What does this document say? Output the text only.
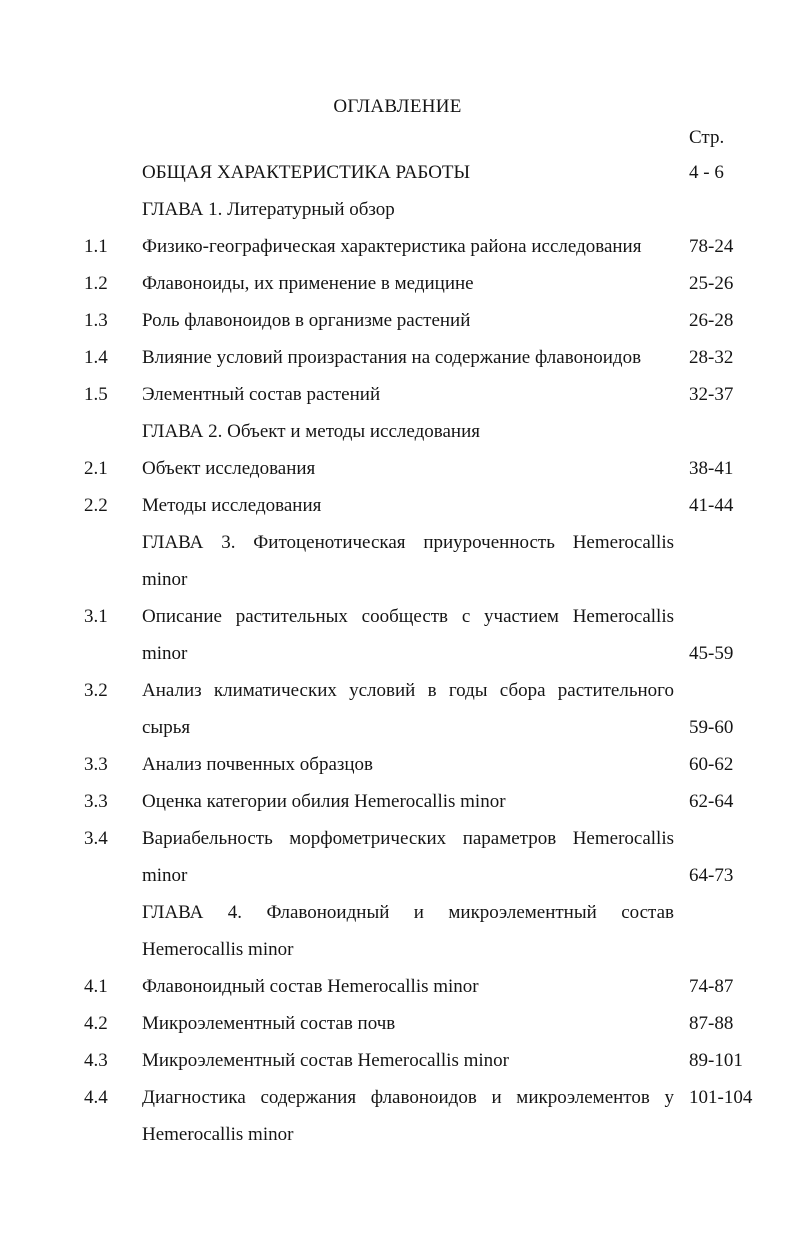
ОГЛАВЛЕНИЕ
Стр.
ОБЩАЯ ХАРАКТЕРИСТИКА РАБОТЫ	4 - 6
ГЛАВА 1. Литературный обзор
1.1 Физико-географическая характеристика района исследования	78-24
1.2 Флавоноиды, их применение в медицине	25-26
1.3 Роль флавоноидов в организме растений	26-28
1.4 Влияние условий произрастания на содержание флавоноидов	28-32
1.5 Элементный состав растений	32-37
ГЛАВА 2. Объект и методы исследования
2.1 Объект исследования	38-41
2.2 Методы исследования	41-44
ГЛАВА 3. Фитоценотическая приуроченность Hemerocallis
minor
3.1 Описание растительных сообществ с участием Hemerocallis
minor	45-59
3.2 Анализ климатических условий в годы сбора растительного
сырья	59-60
3.3 Анализ почвенных образцов	60-62
3.3 Оценка категории обилия Hemerocallis minor	62-64
3.4 Вариабельность морфометрических параметров Hemerocallis
minor	64-73
ГЛАВА 4. Флавоноидный и микроэлементный состав
Hemerocallis minor
4.1 Флавоноидный состав Hemerocallis minor	74-87
4.2 Микроэлементный состав почв	87-88
4.3 Микроэлементный состав Hemerocallis minor	89-101
4.4 Диагностика содержания флавоноидов и микроэлементов у 101-104
Hemerocallis minor
